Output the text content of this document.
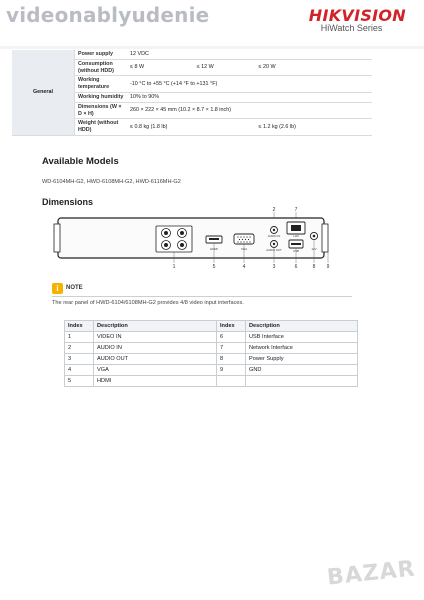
videonablyudenie	HIKVISION
HiWatch Series
General	Power supply	12 VDC		
	Consumption (without HDD)	≤ 8 W	≤ 12 W	≤ 20 W
	Working temperature	-10 °C to +55 °C (+14 °F to +131 °F)		
	Working humidity	10% to 90%		
	Dimensions (W × D × H)	260 × 222 × 45 mm (10.2 × 8.7 × 1.8 inch)		
	Weight (without HDD)	≤ 0.8 kg (1.8 lb)		≤ 1.2 kg (2.6 lb)
Available Models
WD-6104MH-G2, HWD-6108MH-G2, HWD-6116MH-G2
Dimensions
2	7
HDMI	VGA
AUDIO IN
AUDIO OUT
LAN
USB	12V
1	5	4	3	6	8 9
i	NOTE
The rear panel of HWD-6104/6108MH-G2 provides 4/8 video input interfaces.
Index	Description	Index	Description
1	VIDEO IN	6	USB Interface
2	AUDIO IN	7	Network Interface
3	AUDIO OUT	8	Power Supply
4	VGA	9	GND
5	HDMI		
BAZAR
